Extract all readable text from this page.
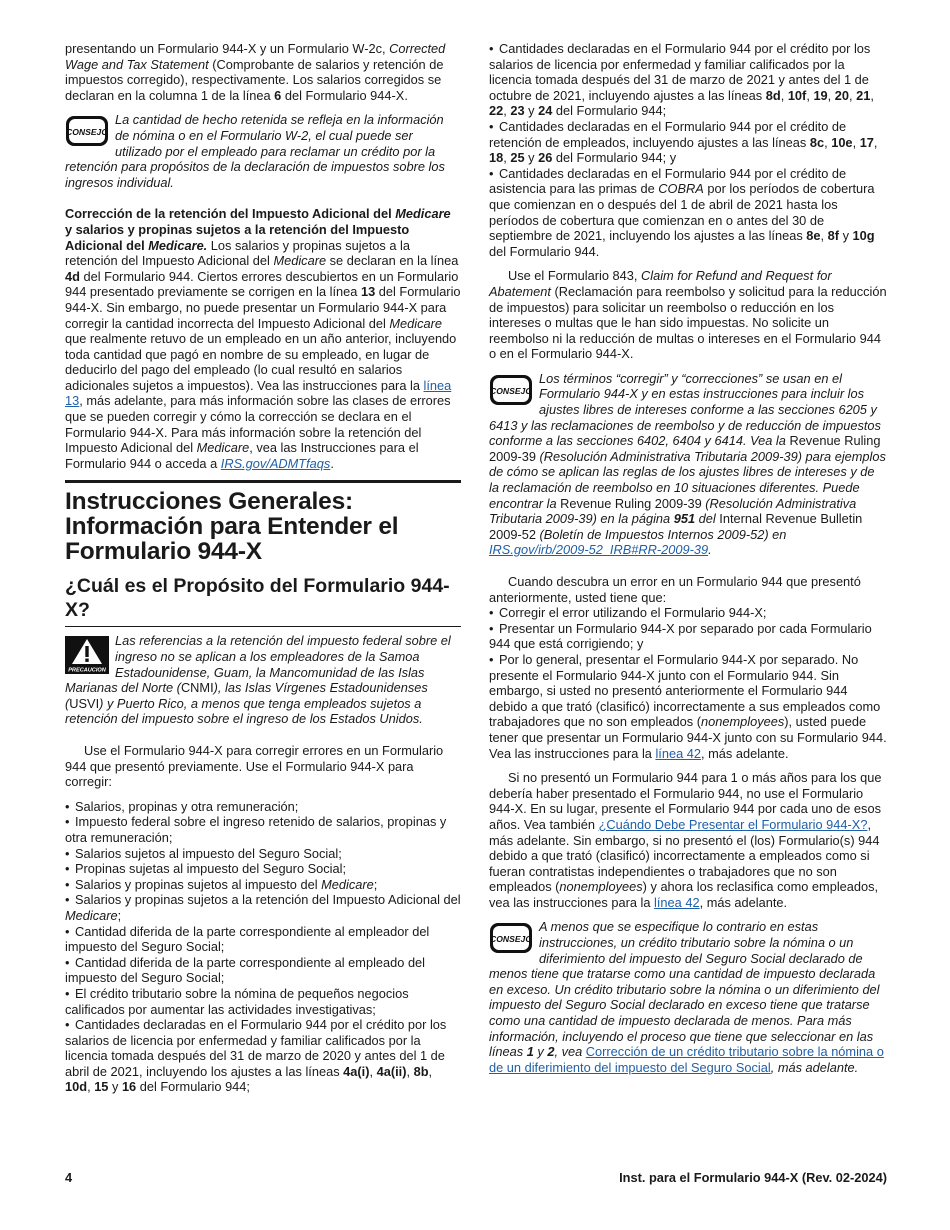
presentando un Formulario 944-X y un Formulario W-2c, Corrected Wage and Tax Statement (Comprobante de salarios y retención de impuestos corregido), respectivamente. Los salarios corregidos se declaran en la columna 1 de la línea 6 del Formulario 944-X.

CONSEJO
La cantidad de hecho retenida se refleja en la información de nómina o en el Formulario W-2, el cual puede ser utilizado por el empleado para reclamar un crédito por la retención para propósitos de la declaración de impuestos sobre los ingresos individual.

Corrección de la retención del Impuesto Adicional del Medicare y salarios y propinas sujetos a la retención del Impuesto Adicional del Medicare. Los salarios y propinas sujetos a la retención del Impuesto Adicional del Medicare se declaran en la línea 4d del Formulario 944. Ciertos errores descubiertos en un Formulario 944 presentado previamente se corrigen en la línea 13 del Formulario 944-X. Sin embargo, no puede presentar un Formulario 944-X para corregir la cantidad incorrecta del Impuesto Adicional del Medicare que realmente retuvo de un empleado en un año anterior, incluyendo toda cantidad que pagó en nombre de su empleado, en lugar de deducirlo del pago del empleado (lo cual resultó en salarios adicionales sujetos a impuestos). Vea las instrucciones para la línea 13, más adelante, para más información sobre las clases de errores que se pueden corregir y cómo la corrección se declara en el Formulario 944-X. Para más información sobre la retención del Impuesto Adicional del Medicare, vea las Instrucciones para el Formulario 944 o acceda a IRS.gov/ADMTfaqs.

Instrucciones Generales: Información para Entender el Formulario 944-X
¿Cuál es el Propósito del Formulario 944-X?
PRECAUCION
Las referencias a la retención del impuesto federal sobre el ingreso no se aplican a los empleadores de la Samoa Estadounidense, Guam, la Mancomunidad de las Islas Marianas del Norte (CNMI), las Islas Vírgenes Estadounidenses (USVI) y Puerto Rico, a menos que tenga empleados sujetos a retención del impuesto sobre el ingreso de los Estados Unidos.

Use el Formulario 944-X para corregir errores en un Formulario 944 que presentó previamente. Use el Formulario 944-X para corregir:

• Salarios, propinas y otra remuneración;
• Impuesto federal sobre el ingreso retenido de salarios, propinas y otra remuneración;
• Salarios sujetos al impuesto del Seguro Social;
• Propinas sujetas al impuesto del Seguro Social;
• Salarios y propinas sujetos al impuesto del Medicare;
• Salarios y propinas sujetos a la retención del Impuesto Adicional del Medicare;
• Cantidad diferida de la parte correspondiente al empleador del impuesto del Seguro Social;
• Cantidad diferida de la parte correspondiente al empleado del impuesto del Seguro Social;
• El crédito tributario sobre la nómina de pequeños negocios calificados por aumentar las actividades investigativas;
• Cantidades declaradas en el Formulario 944 por el crédito por los salarios de licencia por enfermedad y familiar calificados por la licencia tomada después del 31 de marzo de 2020 y antes del 1 de abril de 2021, incluyendo los ajustes a las líneas 4a(i), 4a(ii), 8b, 10d, 15 y 16 del Formulario 944;
• Cantidades declaradas en el Formulario 944 por el crédito por los salarios de licencia por enfermedad y familiar calificados por la licencia tomada después del 31 de marzo de 2021 y antes del 1 de octubre de 2021, incluyendo ajustes a las líneas 8d, 10f, 19, 20, 21, 22, 23 y 24 del Formulario 944;
• Cantidades declaradas en el Formulario 944 por el crédito de retención de empleados, incluyendo ajustes a las líneas 8c, 10e, 17, 18, 25 y 26 del Formulario 944; y
• Cantidades declaradas en el Formulario 944 por el crédito de asistencia para las primas de COBRA por los períodos de cobertura que comienzan en o después del 1 de abril de 2021 hasta los períodos de cobertura que comienzan en o antes del 30 de septiembre de 2021, incluyendo los ajustes a las líneas 8e, 8f y 10g del Formulario 944.

Use el Formulario 843, Claim for Refund and Request for Abatement (Reclamación para reembolso y solicitud para la reducción de impuestos) para solicitar un reembolso o reducción en los intereses o multas que le han sido impuestas. No solicite un reembolso ni la reducción de multas o intereses en el Formulario 944 o en el Formulario 944-X.

CONSEJO
Los términos “corregir” y “correcciones” se usan en el Formulario 944-X y en estas instrucciones para incluir los ajustes libres de intereses conforme a las secciones 6205 y 6413 y las reclamaciones de reembolso y de reducción de impuestos conforme a las secciones 6402, 6404 y 6414. Vea la Revenue Ruling 2009-39 (Resolución Administrativa Tributaria 2009-39) para ejemplos de cómo se aplican las reglas de los ajustes libres de intereses y de la reclamación de reembolso en 10 situaciones diferentes. Puede encontrar la Revenue Ruling 2009-39 (Resolución Administrativa Tributaria 2009-39) en la página 951 del Internal Revenue Bulletin 2009-52 (Boletín de Impuestos Internos 2009-52) en IRS.gov/irb/2009-52_IRB#RR-2009-39.

Cuando descubra un error en un Formulario 944 que presentó anteriormente, usted tiene que:

• Corregir el error utilizando el Formulario 944-X;
• Presentar un Formulario 944-X por separado por cada Formulario 944 que está corrigiendo; y
• Por lo general, presentar el Formulario 944-X por separado. No presente el Formulario 944-X junto con el Formulario 944. Sin embargo, si usted no presentó anteriormente el Formulario 944 debido a que trató (clasificó) incorrectamente a sus empleados como trabajadores que no son empleados (nonemployees), usted puede tener que presentar un Formulario 944-X junto con su Formulario 944. Vea las instrucciones para la línea 42, más adelante.

Si no presentó un Formulario 944 para 1 o más años para los que debería haber presentado el Formulario 944, no use el Formulario 944-X. En su lugar, presente el Formulario 944 por cada uno de esos años. Vea también ¿Cuándo Debe Presentar el Formulario 944-X?, más adelante. Sin embargo, si no presentó el (los) Formulario(s) 944 debido a que trató (clasificó) incorrectamente a empleados como si fueran contratistas independientes o trabajadores que no son empleados (nonemployees) y ahora los reclasifica como empleados, vea las instrucciones para la línea 42, más adelante.

CONSEJO
A menos que se especifique lo contrario en estas instrucciones, un crédito tributario sobre la nómina o un diferimiento del impuesto del Seguro Social declarado de menos tiene que tratarse como una cantidad de impuesto declarada en exceso. Un crédito tributario sobre la nómina o un diferimiento del impuesto del Seguro Social declarado en exceso tiene que tratarse como una cantidad de impuesto declarada de menos. Para más información, incluyendo el proceso que tiene que seleccionar en las líneas 1 y 2, vea Corrección de un crédito tributario sobre la nómina o de un diferimiento del impuesto del Seguro Social, más adelante.
4	Inst. para el Formulario 944-X (Rev. 02-2024)
